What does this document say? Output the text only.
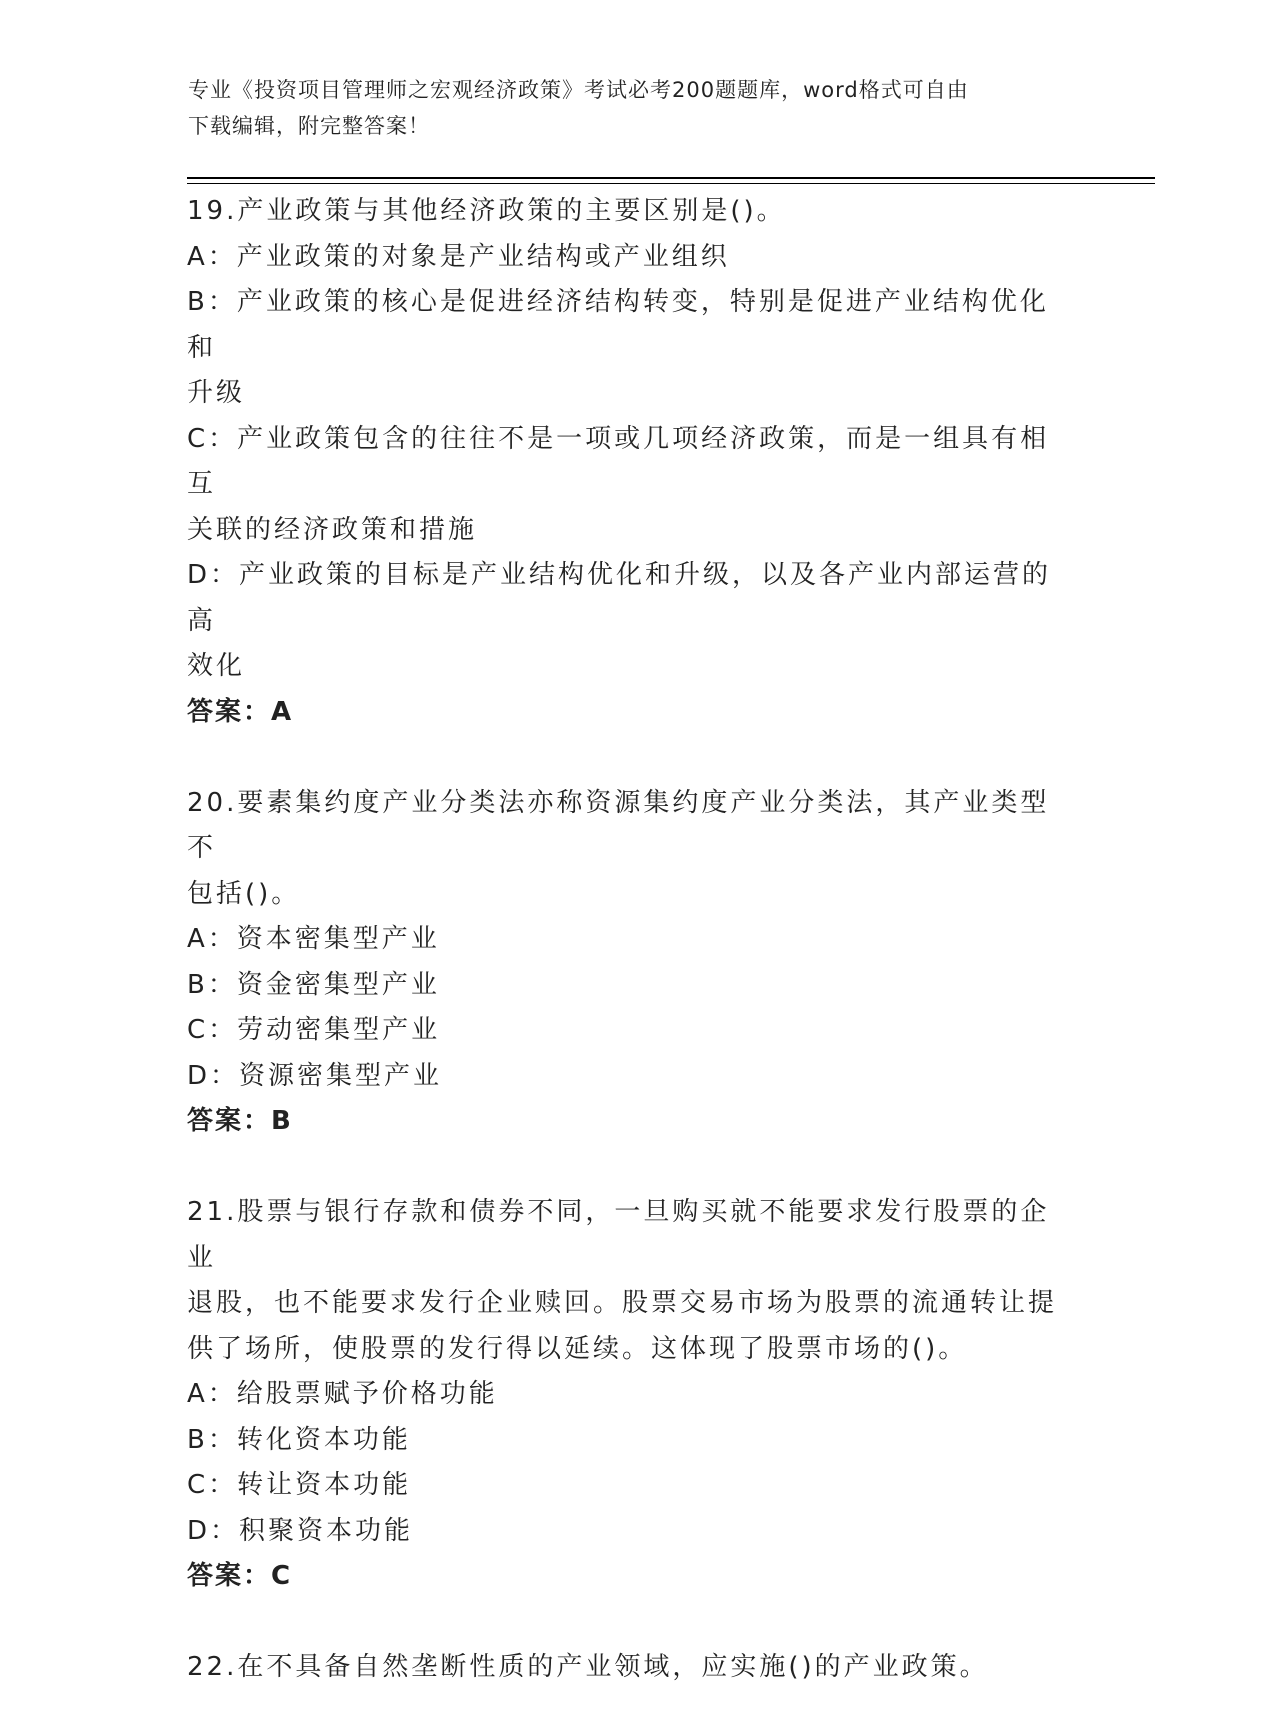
专业《投资项目管理师之宏观经济政策》考试必考200题题库，word格式可自由
下载编辑，附完整答案！
19.产业政策与其他经济政策的主要区别是()。
A：产业政策的对象是产业结构或产业组织
B：产业政策的核心是促进经济结构转变，特别是促进产业结构优化和
升级
C：产业政策包含的往往不是一项或几项经济政策，而是一组具有相互
关联的经济政策和措施
D：产业政策的目标是产业结构优化和升级，以及各产业内部运营的高
效化
答案：A
20.要素集约度产业分类法亦称资源集约度产业分类法，其产业类型不
包括()。
A：资本密集型产业
B：资金密集型产业
C：劳动密集型产业
D：资源密集型产业
答案：B
21.股票与银行存款和债券不同，一旦购买就不能要求发行股票的企业
退股，也不能要求发行企业赎回。股票交易市场为股票的流通转让提
供了场所，使股票的发行得以延续。这体现了股票市场的()。
A：给股票赋予价格功能
B：转化资本功能
C：转让资本功能
D：积聚资本功能
答案：C
22.在不具备自然垄断性质的产业领域，应实施()的产业政策。
